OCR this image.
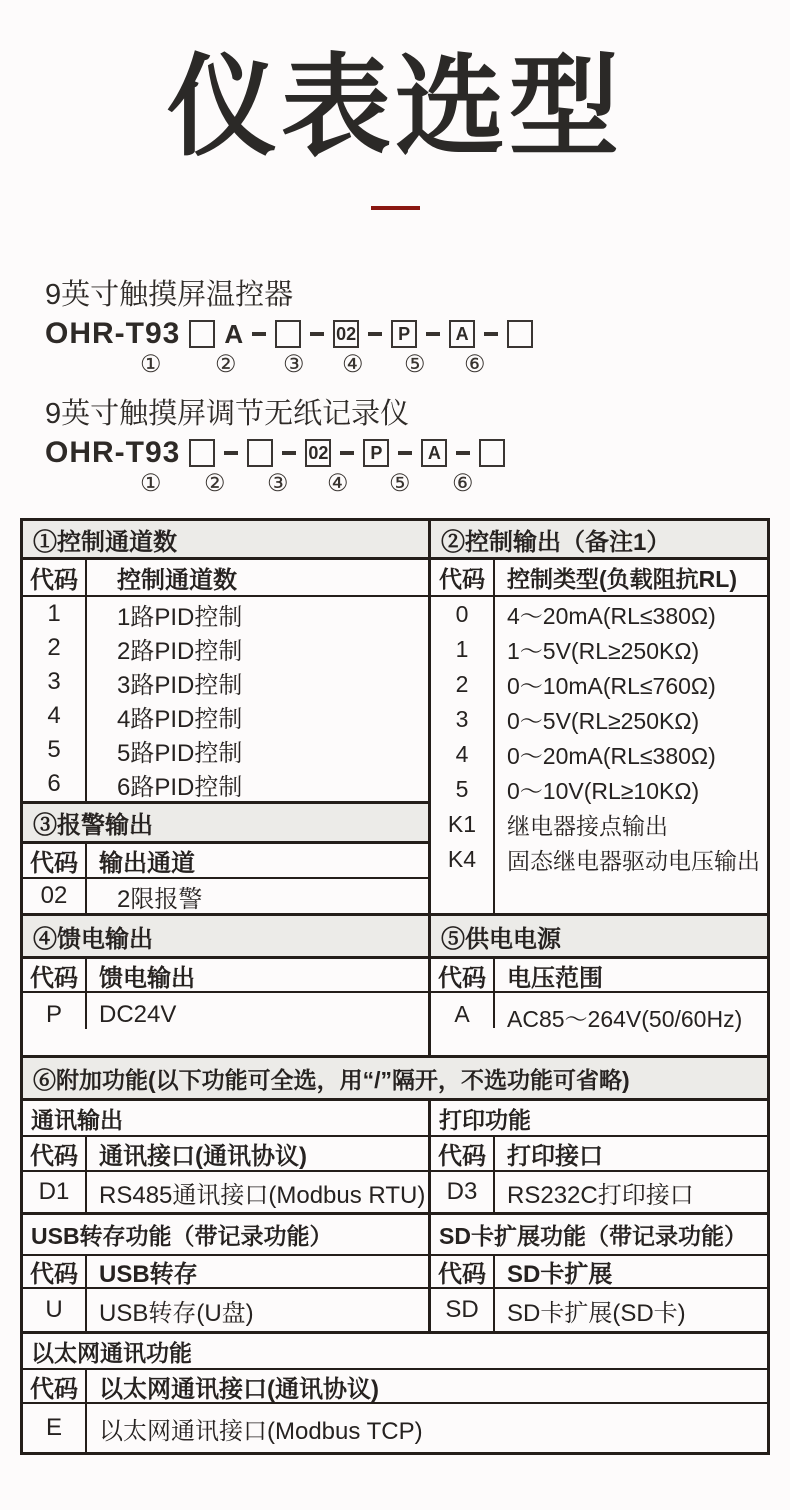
仪表选型
9英寸触摸屏温控器
OHR-T93 A	02	P	A
① ② ③ ④ ⑤ ⑥
9英寸触摸屏调节无纸记录仪
OHR-T93	02	P	A
① ② ③ ④ ⑤ ⑥
①控制通道数
代码	控制通道数
1	1路PID控制
2	2路PID控制
3	3路PID控制
4	4路PID控制
5	5路PID控制
6	6路PID控制
③报警输出
代码 输出通道
02	2限报警
②控制输出（备注1）
代码 控制类型(负载阻抗RL)
0	4～20mA(RL≤380Ω)
1	1～5V(RL≥250KΩ)
2	0～10mA(RL≤760Ω)
3	0～5V(RL≥250KΩ)
4	0～20mA(RL≤380Ω)
5	0～10V(RL≥10KΩ)
K1	继电器接点输出
K4	固态继电器驱动电压输出
④馈电输出
代码 馈电输出
P	DC24V
⑤供电电源
代码 电压范围
A	AC85～264V(50/60Hz)
⑥附加功能(以下功能可全选，用“/”隔开，不选功能可省略)
通讯输出
代码 通讯接口(通讯协议)
D1	RS485通讯接口(Modbus RTU)
打印功能
代码 打印接口
D3	RS232C打印接口
USB转存功能（带记录功能）
代码 USB转存
U	USB转存(U盘)
SD卡扩展功能（带记录功能）
代码 SD卡扩展
SD	SD卡扩展(SD卡)
以太网通讯功能
代码 以太网通讯接口(通讯协议)
E	以太网通讯接口(Modbus TCP)
